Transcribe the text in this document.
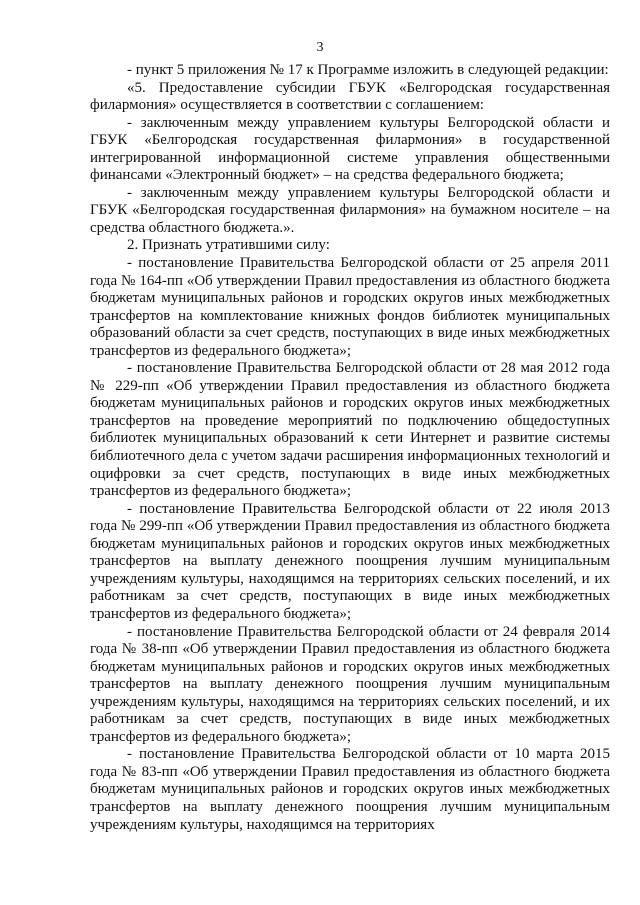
3

- пункт 5 приложения № 17 к Программе изложить в следующей редакции:

«5. Предоставление субсидии ГБУК «Белгородская государственная филармония» осуществляется в соответствии с соглашением:

- заключенным между управлением культуры Белгородской области и ГБУК «Белгородская государственная филармония» в государственной интегрированной информационной системе управления общественными финансами «Электронный бюджет» – на средства федерального бюджета;

- заключенным между управлением культуры Белгородской области и ГБУК «Белгородская государственная филармония» на бумажном носителе – на средства областного бюджета.».

2. Признать утратившими силу:

- постановление Правительства Белгородской области от 25 апреля 2011 года № 164-пп «Об утверждении Правил предоставления из областного бюджета бюджетам муниципальных районов и городских округов иных межбюджетных трансфертов на комплектование книжных фондов библиотек муниципальных образований области за счет средств, поступающих в виде иных межбюджетных трансфертов из федерального бюджета»;

- постановление Правительства Белгородской области от 28 мая 2012 года № 229-пп «Об утверждении Правил предоставления из областного бюджета бюджетам муниципальных районов и городских округов иных межбюджетных трансфертов на проведение мероприятий по подключению общедоступных библиотек муниципальных образований к сети Интернет и развитие системы библиотечного дела с учетом задачи расширения информационных технологий и оцифровки за счет средств, поступающих в виде иных межбюджетных трансфертов из федерального бюджета»;

- постановление Правительства Белгородской области от 22 июля 2013 года № 299-пп «Об утверждении Правил предоставления из областного бюджета бюджетам муниципальных районов и городских округов иных межбюджетных трансфертов на выплату денежного поощрения лучшим муниципальным учреждениям культуры, находящимся на территориях сельских поселений, и их работникам за счет средств, поступающих в виде иных межбюджетных трансфертов из федерального бюджета»;

- постановление Правительства Белгородской области от 24 февраля 2014 года № 38-пп «Об утверждении Правил предоставления из областного бюджета бюджетам муниципальных районов и городских округов иных межбюджетных трансфертов на выплату денежного поощрения лучшим муниципальным учреждениям культуры, находящимся на территориях сельских поселений, и их работникам за счет средств, поступающих в виде иных межбюджетных трансфертов из федерального бюджета»;

- постановление Правительства Белгородской области от 10 марта 2015 года № 83-пп «Об утверждении Правил предоставления из областного бюджета бюджетам муниципальных районов и городских округов иных межбюджетных трансфертов на выплату денежного поощрения лучшим муниципальным учреждениям культуры, находящимся на территориях
